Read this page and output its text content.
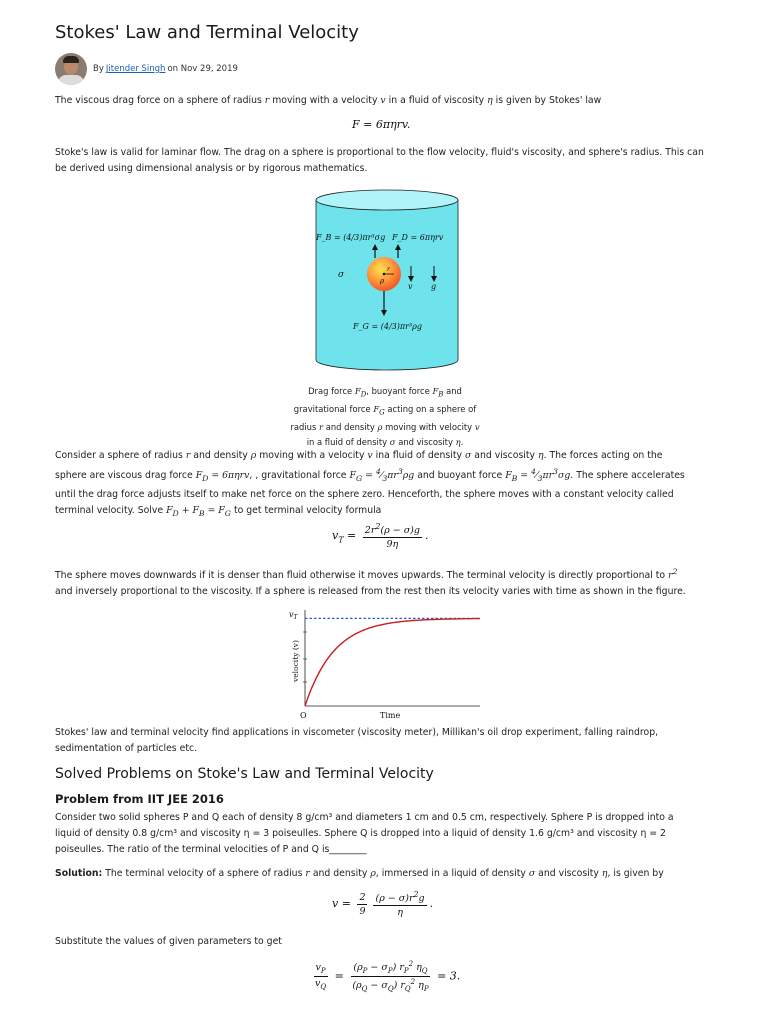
Stokes' Law and Terminal Velocity
By Jitender Singh on Nov 29, 2019

The viscous drag force on a sphere of radius r moving with a velocity v in a fluid of viscosity η is given by Stokes' law

F = 6πηrv.

Stoke's law is valid for laminar flow. The drag on a sphere is proportional to the flow velocity, fluid's viscosity, and sphere's radius. This can be derived using dimensional analysis or by rigorous mathematics.

F_B = (4/3)πr³σg F_D = 6πηrv
σ
r
ρ
v g
F_G = (4/3)πr³ρg
Drag force $F_D$, buoyant force $F_B$ and
gravitational force $F_G$ acting on a sphere of
radius r and density ρ moving with velocity v
in a fluid of density σ and viscosity η.

Consider a sphere of radius r and density ρ moving with a velocity v ina fluid of density σ and viscosity η. The forces acting on the
sphere are viscous drag force $F_D = 6\pi\eta rv$, , gravitational force $F_G$ = $^4⁄_3\pi r^3\rho g$ and buoyant force $F_B$ = $^4⁄_3\pi r^3\sigma g$. The sphere accelerates
until the drag force adjusts itself to make net force on the sphere zero. Henceforth, the sphere moves with a constant velocity called
terminal velocity. Solve $F_D + F_B = F_G$ to get terminal velocity formula

$v_T = \frac{2r^2(\rho - \sigma)g}{9\eta}$ .

The sphere moves downwards if it is denser than fluid otherwise it moves upwards. The terminal velocity is directly proportional to $r^2$
and inversely proportional to the viscosity. If a sphere is released from the rest then its velocity varies with time as shown in the figure.

$v_T$
velocity (v)
O	Time

Stokes' law and terminal velocity find applications in viscometer (viscosity meter), Millikan's oil drop experiment, falling raindrop, sedimentation of particles etc.

Solved Problems on Stoke's Law and Terminal Velocity
Problem from IIT JEE 2016

Consider two solid spheres P and Q each of density 8 g/cm³ and diameters 1 cm and 0.5 cm, respectively. Sphere P is dropped into a
liquid of density 0.8 g/cm³ and viscosity η = 3 poiseulles. Sphere Q is dropped into a liquid of density 1.6 g/cm³ and viscosity η = 2
poiseulles. The ratio of the terminal velocities of P and Q is________

Solution: The terminal velocity of a sphere of radius r and density ρ, immersed in a liquid of density σ and viscosity η, is given by

$v = \frac{2}{9} \frac{(\rho - \sigma)r^2g}{\eta}$ .

Substitute the values of given parameters to get

$\frac{v_P}{v_Q} = \frac{(\rho_P - \sigma_P) r_P^2 \eta_Q}{(\rho_Q - \sigma_Q) r_Q^2 \eta_P} = 3$.
